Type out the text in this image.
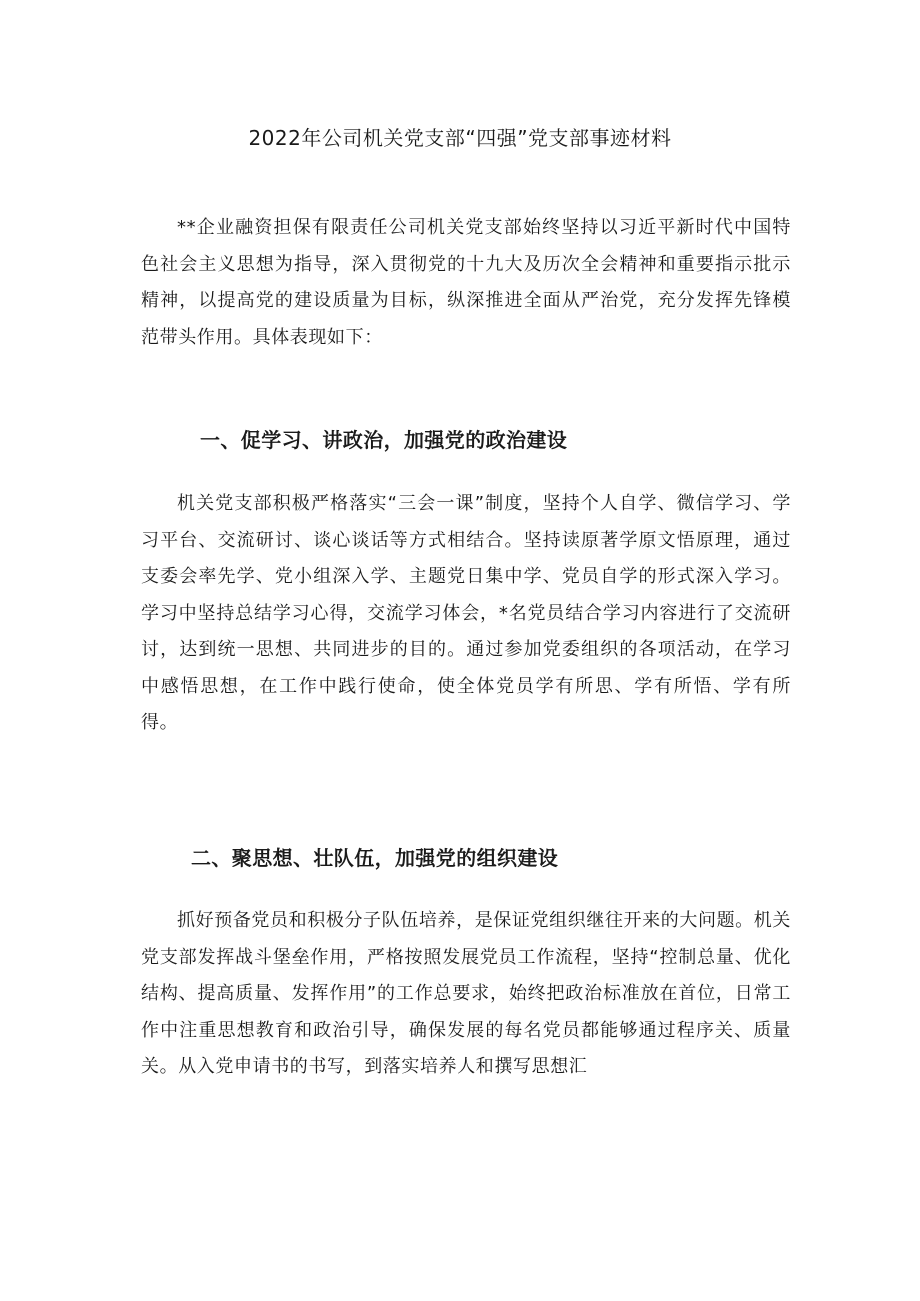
2022年公司机关党支部“四强”党支部事迹材料

**企业融资担保有限责任公司机关党支部始终坚持以习近平新时代中国特色社会主义思想为指导，深入贯彻党的十九大及历次全会精神和重要指示批示精神，以提高党的建设质量为目标，纵深推进全面从严治党，充分发挥先锋模范带头作用。具体表现如下：

一、促学习、讲政治，加强党的政治建设

机关党支部积极严格落实“三会一课”制度，坚持个人自学、微信学习、学习平台、交流研讨、谈心谈话等方式相结合。坚持读原著学原文悟原理，通过支委会率先学、党小组深入学、主题党日集中学、党员自学的形式深入学习。学习中坚持总结学习心得，交流学习体会，*名党员结合学习内容进行了交流研讨，达到统一思想、共同进步的目的。通过参加党委组织的各项活动，在学习中感悟思想，在工作中践行使命，使全体党员学有所思、学有所悟、学有所得。

二、聚思想、壮队伍，加强党的组织建设

抓好预备党员和积极分子队伍培养，是保证党组织继往开来的大问题。机关党支部发挥战斗堡垒作用，严格按照发展党员工作流程，坚持“控制总量、优化结构、提高质量、发挥作用”的工作总要求，始终把政治标准放在首位，日常工作中注重思想教育和政治引导，确保发展的每名党员都能够通过程序关、质量关。从入党申请书的书写，到落实培养人和撰写思想汇
